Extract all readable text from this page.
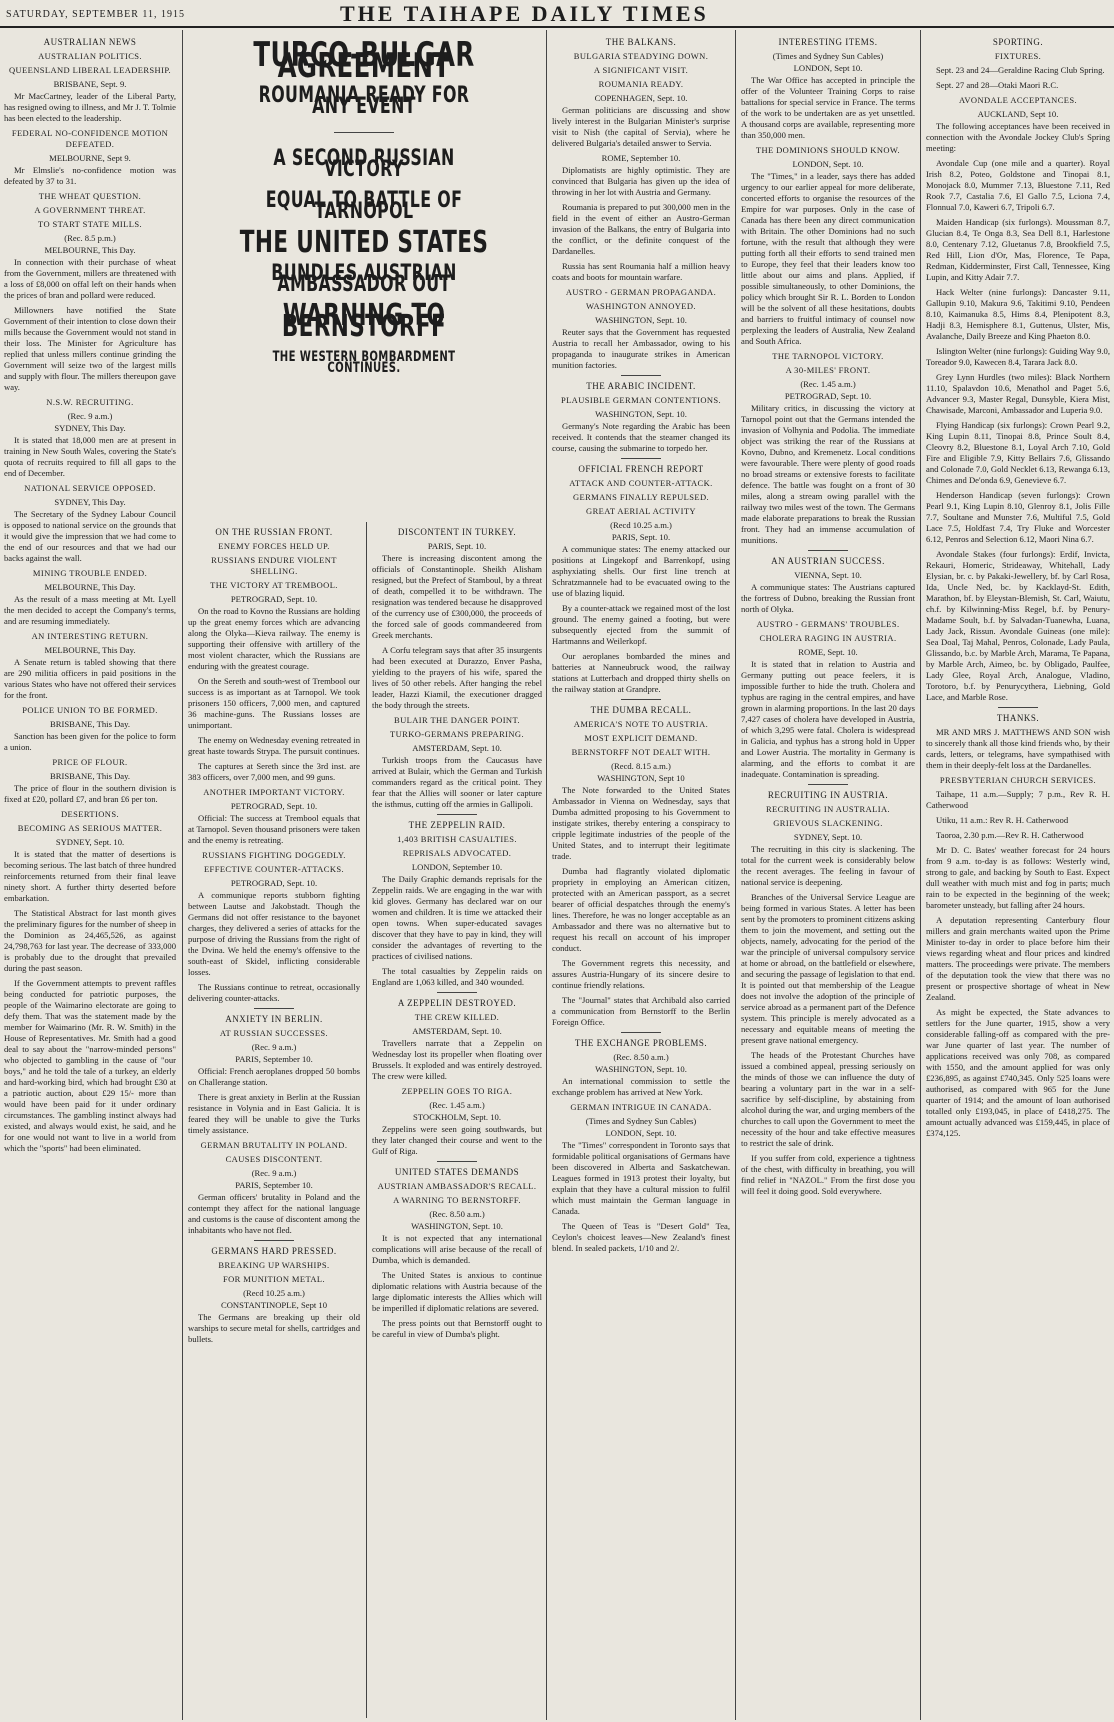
SATURDAY, SEPTEMBER 11, 1915	THE TAIHAPE DAILY TIMES
AUSTRALIAN NEWS
AUSTRALIAN POLITICS.
QUEENSLAND LIBERAL LEADERSHIP.
BRISBANE, Sept. 9.

Mr MacCartney, leader of the Liberal Party, has resigned owing to illness, and Mr J. T. Tolmie has been elected to the leadership.

FEDERAL NO-CONFIDENCE MOTION DEFEATED.
MELBOURNE, Sept 9.

Mr Elmslie's no-confidence motion was defeated by 37 to 31.

THE WHEAT QUESTION.
A GOVERNMENT THREAT.
TO START STATE MILLS.
(Rec. 8.5 p.m.)
MELBOURNE, This Day.

In connection with their purchase of wheat from the Government, millers are threatened with a loss of £8,000 on offal left on their hands when the prices of bran and pollard were reduced.

Millowners have notified the State Government of their intention to close down their mills because the Government would not stand in their loss. The Minister for Agriculture has replied that unless millers continue grinding the Government will seize two of the largest mills and supply with flour. The millers thereupon gave way.

N.S.W. RECRUITING.
(Rec. 9 a.m.)
SYDNEY, This Day.

It is stated that 18,000 men are at present in training in New South Wales, covering the State's quota of recruits required to fill all gaps to the end of December.

NATIONAL SERVICE OPPOSED.
SYDNEY, This Day.

The Secretary of the Sydney Labour Council is opposed to national service on the grounds that it would give the impression that we had come to the end of our resources and that we had our backs against the wall.

MINING TROUBLE ENDED.
MELBOURNE, This Day.

As the result of a mass meeting at Mt. Lyell the men decided to accept the Company's terms, and are resuming immediately.

AN INTERESTING RETURN.
MELBOURNE, This Day.

A Senate return is tabled showing that there are 290 militia officers in paid positions in the various States who have not offered their services for the front.

POLICE UNION TO BE FORMED.
BRISBANE, This Day.

Sanction has been given for the police to form a union.

PRICE OF FLOUR.
BRISBANE, This Day.

The price of flour in the southern division is fixed at £20, pollard £7, and bran £6 per ton.

DESERTIONS.
BECOMING AS SERIOUS MATTER.
SYDNEY, Sept. 10.

It is stated that the matter of desertions is becoming serious. The last batch of three hundred reinforcements returned from their final leave ninety short. A further thirty deserted before embarkation.

The Statistical Abstract for last month gives the preliminary figures for the number of sheep in the Dominion as 24,465,526, as against 24,798,763 for last year. The decrease of 333,000 is probably due to the drought that prevailed during the past season.

If the Government attempts to prevent raffles being conducted for patriotic purposes, the people of the Waimarino electorate are going to defy them. That was the statement made by the member for Waimarino (Mr. R. W. Smith) in the House of Representatives. Mr. Smith had a good deal to say about the "narrow-minded persons" who objected to gambling in the cause of "our boys," and he told the tale of a turkey, an elderly and hard-working bird, which had brought £30 at a patriotic auction, about £29 15/- more than would have been paid for it under ordinary circumstances. The gambling instinct always had existed, and always would exist, he said, and he for one would not want to live in a world from which the "sports" had been eliminated.

TURCO-BULGAR AGREEMENT
ROUMANIA READY FOR ANY EVENT
A SECOND RUSSIAN VICTORY
EQUAL TO BATTLE OF TARNOPOL
THE UNITED STATES
BUNDLES AUSTRIAN AMBASSADOR OUT
WARNING TO BERNSTORFF
THE WESTERN BOMBARDMENT CONTINUES.
ON THE RUSSIAN FRONT.
ENEMY FORCES HELD UP.
RUSSIANS ENDURE VIOLENT SHELLING.
THE VICTORY AT TREMBOOL.
PETROGRAD, Sept. 10.

On the road to Kovno the Russians are holding up the great enemy forces which are advancing along the Olyka—Kieva railway. The enemy is supporting their offensive with artillery of the most violent character, which the Russians are enduring with the greatest courage.

On the Sereth and south-west of Trembool our success is as important as at Tarnopol. We took prisoners 150 officers, 7,000 men, and captured 36 machine-guns. The Russians losses are unimportant.

The enemy on Wednesday evening retreated in great haste towards Strypa. The pursuit continues.

The captures at Sereth since the 3rd inst. are 383 officers, over 7,000 men, and 99 guns.

ANOTHER IMPORTANT VICTORY.
PETROGRAD, Sept. 10.

Official: The success at Trembool equals that at Tarnopol. Seven thousand prisoners were taken and the enemy is retreating.

RUSSIANS FIGHTING DOGGEDLY.
EFFECTIVE COUNTER-ATTACKS.
PETROGRAD, Sept. 10.

A communique reports stubborn fighting between Lautse and Jakobstadt. Though the Germans did not offer resistance to the bayonet charges, they delivered a series of attacks for the purpose of driving the Russians from the right of the Dvina. We held the enemy's offensive to the south-east of Skidel, inflicting considerable losses.

The Russians continue to retreat, occasionally delivering counter-attacks.

ANXIETY IN BERLIN.
AT RUSSIAN SUCCESSES.
(Rec. 9 a.m.)
PARIS, September 10.

Official: French aeroplanes dropped 50 bombs on Challerange station.

There is great anxiety in Berlin at the Russian resistance in Volynia and in East Galicia. It is feared they will be unable to give the Turks timely assistance.

GERMAN BRUTALITY IN POLAND.
CAUSES DISCONTENT.
(Rec. 9 a.m.)
PARIS, September 10.

German officers' brutality in Poland and the contempt they affect for the national language and customs is the cause of discontent among the inhabitants who have not fled.

GERMANS HARD PRESSED.
BREAKING UP WARSHIPS.
FOR MUNITION METAL.
(Recd 10.25 a.m.)
CONSTANTINOPLE, Sept 10

The Germans are breaking up their old warships to secure metal for shells, cartridges and bullets.

DISCONTENT IN TURKEY.
PARIS, Sept. 10.

There is increasing discontent among the officials of Constantinople. Sheikh Alisham resigned, but the Prefect of Stamboul, by a threat of death, compelled it to be withdrawn. The resignation was tendered because he disapproved of the currency use of £300,000, the proceeds of the forced sale of goods commandeered from Greek merchants.

A Corfu telegram says that after 35 insurgents had been executed at Durazzo, Enver Pasha, yielding to the prayers of his wife, spared the lives of 50 other rebels. After hanging the rebel leader, Hazzi Kiamil, the executioner dragged the body through the streets.

BULAIR THE DANGER POINT.
TURKO-GERMANS PREPARING.
AMSTERDAM, Sept. 10.

Turkish troops from the Caucasus have arrived at Bulair, which the German and Turkish commanders regard as the critical point. They fear that the Allies will sooner or later capture the isthmus, cutting off the armies in Gallipoli.

THE ZEPPELIN RAID.
1,403 BRITISH CASUALTIES.
REPRISALS ADVOCATED.
LONDON, September 10.

The Daily Graphic demands reprisals for the Zeppelin raids. We are engaging in the war with kid gloves. Germany has declared war on our women and children. It is time we attacked their open towns. When super-educated savages discover that they have to pay in kind, they will consider the advantages of reverting to the practices of civilised nations.

The total casualties by Zeppelin raids on England are 1,063 killed, and 340 wounded.

A ZEPPELIN DESTROYED.
THE CREW KILLED.
AMSTERDAM, Sept. 10.

Travellers narrate that a Zeppelin on Wednesday lost its propeller when floating over Brussels. It exploded and was entirely destroyed. The crew were killed.

ZEPPELIN GOES TO RIGA.
(Rec. 1.45 a.m.)
STOCKHOLM, Sept. 10.

Zeppelins were seen going southwards, but they later changed their course and went to the Gulf of Riga.

UNITED STATES DEMANDS
AUSTRIAN AMBASSADOR'S RECALL.
A WARNING TO BERNSTORFF.
(Rec. 8.50 a.m.)
WASHINGTON, Sept. 10.

It is not expected that any international complications will arise because of the recall of Dumba, which is demanded.

The United States is anxious to continue diplomatic relations with Austria because of the large diplomatic interests the Allies which will be imperilled if diplomatic relations are severed.

The press points out that Bernstorff ought to be careful in view of Dumba's plight.

THE BALKANS.
BULGARIA STEADYING DOWN.
A SIGNIFICANT VISIT.
ROUMANIA READY.
COPENHAGEN, Sept. 10.

German politicians are discussing and show lively interest in the Bulgarian Minister's surprise visit to Nish (the capital of Servia), where he delivered Bulgaria's detailed answer to Servia.

ROME, September 10.

Diplomatists are highly optimistic. They are convinced that Bulgaria has given up the idea of throwing in her lot with Austria and Germany.

Roumania is prepared to put 300,000 men in the field in the event of either an Austro-German invasion of the Balkans, the entry of Bulgaria into the conflict, or the definite conquest of the Dardanelles.

Russia has sent Roumania half a million heavy coats and boots for mountain warfare.

AUSTRO - GERMAN PROPAGANDA.
WASHINGTON ANNOYED.
WASHINGTON, Sept. 10.

Reuter says that the Government has requested Austria to recall her Ambassador, owing to his propaganda to inaugurate strikes in American munition factories.

THE ARABIC INCIDENT.
PLAUSIBLE GERMAN CONTENTIONS.
WASHINGTON, Sept. 10.

Germany's Note regarding the Arabic has been received. It contends that the steamer changed its course, causing the submarine to torpedo her.

OFFICIAL FRENCH REPORT
ATTACK AND COUNTER-ATTACK.
GERMANS FINALLY REPULSED.
GREAT AERIAL ACTIVITY
(Recd 10.25 a.m.)
PARIS, Sept. 10.

A communique states: The enemy attacked our positions at Lingekopf and Barrenkopf, using asphyxiating shells. Our first line trench at Schratzmannele had to be evacuated owing to the use of blazing liquid.

By a counter-attack we regained most of the lost ground. The enemy gained a footing, but were subsequently ejected from the summit of Hartmanns and Weilerkopf.

Our aeroplanes bombarded the mines and batteries at Nanneubruck wood, the railway stations at Lutterbach and dropped thirty shells on the railway station at Grandpre.

THE DUMBA RECALL.
AMERICA'S NOTE TO AUSTRIA.
MOST EXPLICIT DEMAND.
BERNSTORFF NOT DEALT WITH.
(Recd. 8.15 a.m.)
WASHINGTON, Sept 10

The Note forwarded to the United States Ambassador in Vienna on Wednesday, says that Dumba admitted proposing to his Government to instigate strikes, thereby entering a conspiracy to cripple legitimate industries of the people of the United States, and to interrupt their legitimate trade.

Dumba had flagrantly violated diplomatic propriety in employing an American citizen, protected with an American passport, as a secret bearer of official despatches through the enemy's lines. Therefore, he was no longer acceptable as an Ambassador and there was no alternative but to request his recall on account of his improper conduct.

The Government regrets this necessity, and assures Austria-Hungary of its sincere desire to continue friendly relations.

The "Journal" states that Archibald also carried a communication from Bernstorff to the Berlin Foreign Office.

THE EXCHANGE PROBLEMS.
(Rec. 8.50 a.m.)
WASHINGTON, Sept. 10.

An international commission to settle the exchange problem has arrived at New York.

GERMAN INTRIGUE IN CANADA.
(Times and Sydney Sun Cables)
LONDON, Sept. 10.

The "Times" correspondent in Toronto says that formidable political organisations of Germans have been discovered in Alberta and Saskatchewan. Leagues formed in 1913 protest their loyalty, but explain that they have a cultural mission to fulfil which must maintain the German language in Canada.

The Queen of Teas is "Desert Gold" Tea, Ceylon's choicest leaves—New Zealand's finest blend. In sealed packets, 1/10 and 2/.

INTERESTING ITEMS.
(Times and Sydney Sun Cables)
LONDON, Sept 10.

The War Office has accepted in principle the offer of the Volunteer Training Corps to raise battalions for special service in France. The terms of the work to be undertaken are as yet unsettled. A thousand corps are available, representing more than 350,000 men.

THE DOMINIONS SHOULD KNOW.
LONDON, Sept. 10.

The "Times," in a leader, says there has added urgency to our earlier appeal for more deliberate, concerted efforts to organise the resources of the Empire for war purposes. Only in the case of Canada has there been any direct communication with Britain. The other Dominions had no such fortune, with the result that although they were putting forth all their efforts to send trained men to Europe, they feel that their leaders know too little about our aims and plans. Applied, if possible simultaneously, to other Dominions, the policy which brought Sir R. L. Borden to London will be the solvent of all these hesitations, doubts and barriers to fruitful intimacy of counsel now perplexing the leaders of Australia, New Zealand and South Africa.

THE TARNOPOL VICTORY.
A 30-MILES' FRONT.
(Rec. 1.45 a.m.)
PETROGRAD, Sept. 10.

Military critics, in discussing the victory at Tarnopol point out that the Germans intended the invasion of Volhynia and Podolia. The immediate object was striking the rear of the Russians at Kovno, Dubno, and Kremenetz. Local conditions were favourable. There were plenty of good roads no broad streams or extensive forests to facilitate defence. The battle was fought on a front of 30 miles, along a stream owing parallel with the railway two miles west of the town. The Germans made elaborate preparations to break the Russian front. They had an immense accumulation of munitions.

AN AUSTRIAN SUCCESS.
VIENNA, Sept. 10.

A communique states: The Austrians captured the fortress of Dubno, breaking the Russian front north of Olyka.

AUSTRO - GERMANS' TROUBLES.
CHOLERA RAGING IN AUSTRIA.
ROME, Sept. 10.

It is stated that in relation to Austria and Germany putting out peace feelers, it is impossible further to hide the truth. Cholera and typhus are raging in the central empires, and have grown in alarming proportions. In the last 20 days 7,427 cases of cholera have developed in Austria, of which 3,295 were fatal. Cholera is widespread in Galicia, and typhus has a strong hold in Upper and Lower Austria. The mortality in Germany is alarming, and the efforts to combat it are inadequate. Contamination is spreading.

RECRUITING IN AUSTRIA.
RECRUITING IN AUSTRALIA.
GRIEVOUS SLACKENING.
SYDNEY, Sept. 10.

The recruiting in this city is slackening. The total for the current week is considerably below the recent averages. The feeling in favour of national service is deepening.

Branches of the Universal Service League are being formed in various States. A letter has been sent by the promoters to prominent citizens asking them to join the movement, and setting out the objects, namely, advocating for the period of the war the principle of universal compulsory service at home or abroad, on the battlefield or elsewhere, and securing the passage of legislation to that end. It is pointed out that membership of the League does not involve the adoption of the principle of service abroad as a permanent part of the Defence system. This principle is merely advocated as a necessary and equitable means of meeting the present grave national emergency.

The heads of the Protestant Churches have issued a combined appeal, pressing seriously on the minds of those we can influence the duty of bearing a voluntary part in the war in a self-sacrifice by self-discipline, by abstaining from alcohol during the war, and urging members of the churches to call upon the Government to meet the necessity of the hour and take effective measures to restrict the sale of drink.

If you suffer from cold, experience a tightness of the chest, with difficulty in breathing, you will find relief in "NAZOL." From the first dose you will feel it doing good. Sold everywhere.

SPORTING.
FIXTURES.

Sept. 23 and 24—Geraldine Racing Club Spring.

Sept. 27 and 28—Otaki Maori R.C.

AVONDALE ACCEPTANCES.
AUCKLAND, Sept 10.

The following acceptances have been received in connection with the Avondale Jockey Club's Spring meeting:

Avondale Cup (one mile and a quarter). Royal Irish 8.2, Poteo, Goldstone and Tinopai 8.1, Monojack 8.0, Mummer 7.13, Bluestone 7.11, Red Rook 7.7, Castalia 7.6, El Gallo 7.5, Lciona 7.4, Flonnual 7.0, Kaweri 6.7, Tripoli 6.7.

Maiden Handicap (six furlongs). Moussman 8.7, Glucian 8.4, Te Onga 8.3, Sea Dell 8.1, Harlestone 8.0, Centenary 7.12, Gluetanus 7.8, Brookfield 7.5, Red Hill, Lion d'Or, Mas, Florence, Te Papa, Redman, Kidderminster, First Call, Tennessee, King Lupin, and Kitty Adair 7.7.

Hack Welter (nine furlongs): Dancaster 9.11, Gallupin 9.10, Makura 9.6, Takitimi 9.10, Pendeen 8.10, Kaimanuka 8.5, Hims 8.4, Plenipotent 8.3, Hadji 8.3, Hemisphere 8.1, Guttenus, Ulster, Mis, Avalanche, Daily Breeze and King Phaeton 8.0.

Islington Welter (nine furlongs): Guiding Way 9.0, Toreador 9.0, Kawecen 8.4, Tarara Jack 8.0.

Grey Lynn Hurdles (two miles): Black Northern 11.10, Spalavdon 10.6, Menathol and Paget 5.6, Advancer 9.3, Master Regal, Dunsyble, Kiera Mist, Chawisade, Marconi, Ambassador and Luperia 9.0.

Flying Handicap (six furlongs): Crown Pearl 9.2, King Lupin 8.11, Tinopai 8.8, Prince Soult 8.4, Cleovry 8.2, Bluestone 8.1, Loyal Arch 7.10, Gold Fire and Eligible 7.9, Kitty Bellairs 7.6, Glissando and Colonade 7.0, Gold Necklet 6.13, Rewanga 6.13, Chimes and De'onda 6.9, Genevieve 6.7.

Henderson Handicap (seven furlongs): Crown Pearl 9.1, King Lupin 8.10, Glenroy 8.1, Jolis Fille 7.7, Soultane and Munster 7.6, Multiful 7.5, Gold Lace 7.5, Holdfast 7.4, Try Fluke and Worcester 6.12, Penros and Selection 6.12, Maori Nina 6.7.

Avondale Stakes (four furlongs): Erdif, Invicta, Rekauri, Homeric, Strideaway, Whitehall, Lady Elysian, br. c. by Pakaki-Jewellery, bf. by Carl Rosa, Ida, Uncle Ned, bc. by Kacklayd-St. Edith, Marathon, bf. by Eleystan-Blemish, St. Carl, Waiutu, ch.f. by Kilwinning-Miss Regel, b.f. by Penury-Madame Soult, b.f. by Salvadan-Tuanewha, Luana, Lady Jack, Rissun. Avondale Guineas (one mile): Sea Doal, Taj Mahal, Penros, Colonade, Lady Paula, Glissando, b.c. by Marble Arch, Marama, Te Papana, by Marble Arch, Aimeo, bc. by Obligado, Paulfee, Lady Glee, Royal Arch, Analogue, Vladino, Torotoro, b.f. by Penurycythera, Liebning, Gold Lace, and Marble Rose.

THANKS.

MR AND MRS J. MATTHEWS AND SON wish to sincerely thank all those kind friends who, by their cards, letters, or telegrams, have sympathised with them in their deeply-felt loss at the Dardanelles.

PRESBYTERIAN CHURCH SERVICES.

Taihape, 11 a.m.—Supply; 7 p.m., Rev R. H. Catherwood

Utiku, 11 a.m.: Rev R. H. Catherwood

Taoroa, 2.30 p.m.—Rev R. H. Catherwood

Mr D. C. Bates' weather forecast for 24 hours from 9 a.m. to-day is as follows: Westerly wind, strong to gale, and backing by South to East. Expect dull weather with much mist and fog in parts; much rain to be expected in the beginning of the week; barometer unsteady, but falling after 24 hours.

A deputation representing Canterbury flour millers and grain merchants waited upon the Prime Minister to-day in order to place before him their views regarding wheat and flour prices and kindred matters. The proceedings were private. The members of the deputation took the view that there was no present or prospective shortage of wheat in New Zealand.

As might be expected, the State advances to settlers for the June quarter, 1915, show a very considerable falling-off as compared with the pre-war June quarter of last year. The number of applications received was only 708, as compared with 1550, and the amount applied for was only £236,895, as against £740,345. Only 525 loans were authorised, as compared with 965 for the June quarter of 1914; and the amount of loan authorised totalled only £193,045, in place of £418,275. The amount actually advanced was £159,445, in place of £374,125.
